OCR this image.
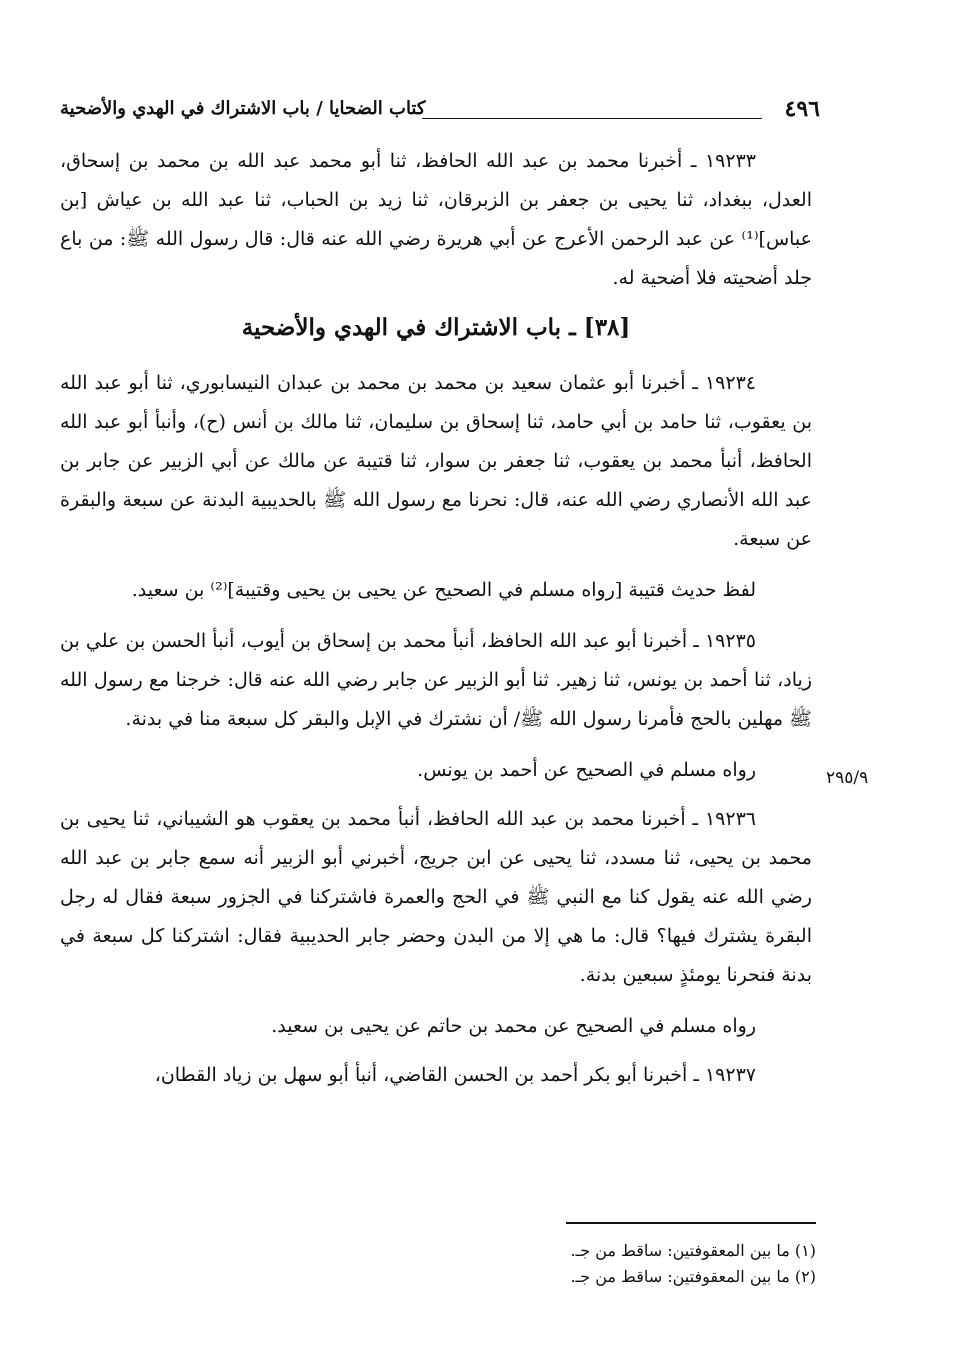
٤٩٦
كتاب الضحايا / باب الاشتراك في الهدي والأضحية
٢٩٥/٩

١٩٢٣٣ ـ أخبرنا محمد بن عبد الله الحافظ، ثنا أبو محمد عبد الله بن محمد بن إسحاق، العدل، ببغداد، ثنا يحيى بن جعفر بن الزبرقان، ثنا زيد بن الحباب، ثنا عبد الله بن عياش [بن عباس]⁽¹⁾ عن عبد الرحمن الأعرج عن أبي هريرة رضي الله عنه قال: قال رسول الله ﷺ: من باع جلد أضحيته فلا أضحية له.

[٣٨] ـ باب الاشتراك في الهدي والأضحية

١٩٢٣٤ ـ أخبرنا أبو عثمان سعيد بن محمد بن محمد بن عبدان النيسابوري، ثنا أبو عبد الله بن يعقوب، ثنا حامد بن أبي حامد، ثنا إسحاق بن سليمان، ثنا مالك بن أنس (ح)، وأنبأ أبو عبد الله الحافظ، أنبأ محمد بن يعقوب، ثنا جعفر بن سوار، ثنا قتيبة عن مالك عن أبي الزبير عن جابر بن عبد الله الأنصاري رضي الله عنه، قال: نحرنا مع رسول الله ﷺ بالحديبية البدنة عن سبعة والبقرة عن سبعة.

لفظ حديث قتيبة [رواه مسلم في الصحيح عن يحيى بن يحيى وقتيبة]⁽²⁾ بن سعيد.

١٩٢٣٥ ـ أخبرنا أبو عبد الله الحافظ، أنبأ محمد بن إسحاق بن أيوب، أنبأ الحسن بن علي بن زياد، ثنا أحمد بن يونس، ثنا زهير. ثنا أبو الزبير عن جابر رضي الله عنه قال: خرجنا مع رسول الله ﷺ مهلين بالحج فأمرنا رسول الله ﷺ/ أن نشترك في الإبل والبقر كل سبعة منا في بدنة.

رواه مسلم في الصحيح عن أحمد بن يونس.

١٩٢٣٦ ـ أخبرنا محمد بن عبد الله الحافظ، أنبأ محمد بن يعقوب هو الشيباني، ثنا يحيى بن محمد بن يحيى، ثنا مسدد، ثنا يحيى عن ابن جريج، أخبرني أبو الزبير أنه سمع جابر بن عبد الله رضي الله عنه يقول كنا مع النبي ﷺ في الحج والعمرة فاشتركنا في الجزور سبعة فقال له رجل البقرة يشترك فيها؟ قال: ما هي إلا من البدن وحضر جابر الحديبية فقال: اشتركنا كل سبعة في بدنة فنحرنا يومئذٍ سبعين بدنة.

رواه مسلم في الصحيح عن محمد بن حاتم عن يحيى بن سعيد.

١٩٢٣٧ ـ أخبرنا أبو بكر أحمد بن الحسن القاضي، أنبأ أبو سهل بن زياد القطان،

(١) ما بين المعقوفتين: ساقط من جـ.
(٢) ما بين المعقوفتين: ساقط من جـ.
